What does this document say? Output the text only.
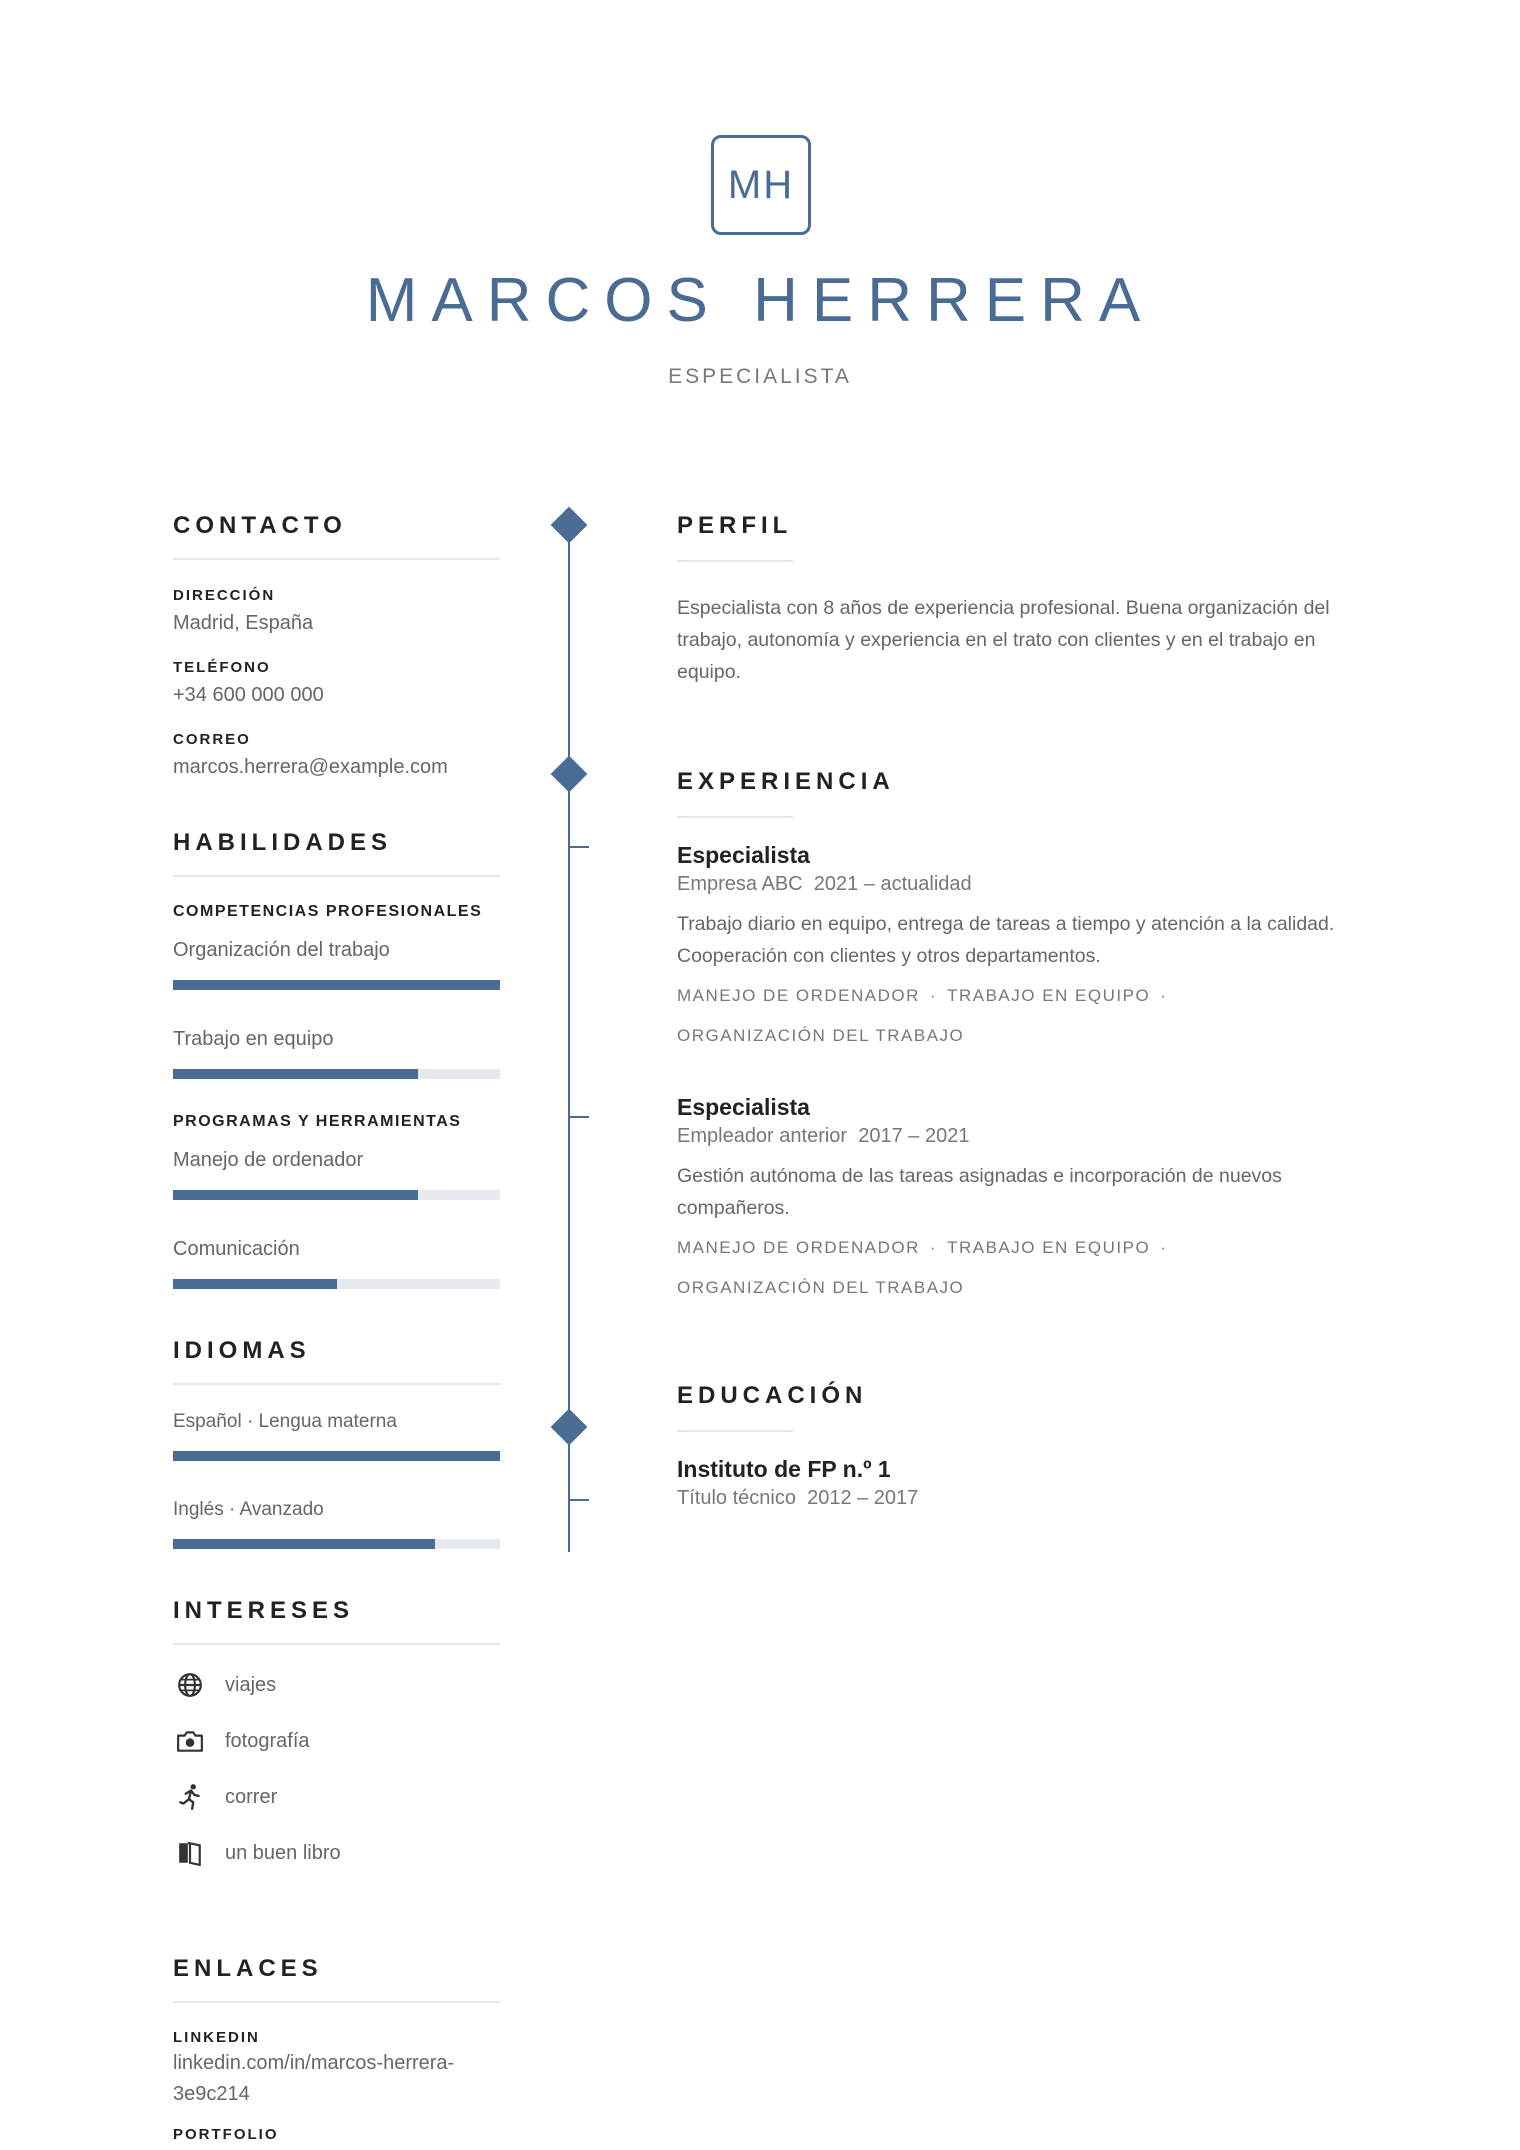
MH
MARCOS HERRERA
ESPECIALISTA
CONTACTO
DIRECCIÓN
Madrid, España
TELÉFONO
+34 600 000 000
CORREO
marcos.herrera@example.com
HABILIDADES
COMPETENCIAS PROFESIONALES
Organización del trabajo
Trabajo en equipo
PROGRAMAS Y HERRAMIENTAS
Manejo de ordenador
Comunicación
IDIOMAS
Español · Lengua materna
Inglés · Avanzado
INTERESES
viajes
fotografía
correr
un buen libro
ENLACES
LINKEDIN
linkedin.com/in/marcos-herrera-3e9c214
PORTFOLIO
PERFIL
Especialista con 8 años de experiencia profesional. Buena organización del trabajo, autonomía y experiencia en el trato con clientes y en el trabajo en equipo.
EXPERIENCIA
Especialista
Empresa ABC 2021 – actualidad
Trabajo diario en equipo, entrega de tareas a tiempo y atención a la calidad. Cooperación con clientes y otros departamentos.
MANEJO DE ORDENADOR · TRABAJO EN EQUIPO ·
ORGANIZACIÓN DEL TRABAJO
Especialista
Empleador anterior 2017 – 2021
Gestión autónoma de las tareas asignadas e incorporación de nuevos compañeros.
MANEJO DE ORDENADOR · TRABAJO EN EQUIPO ·
ORGANIZACIÓN DEL TRABAJO
EDUCACIÓN
Instituto de FP n.º 1
Título técnico 2012 – 2017
